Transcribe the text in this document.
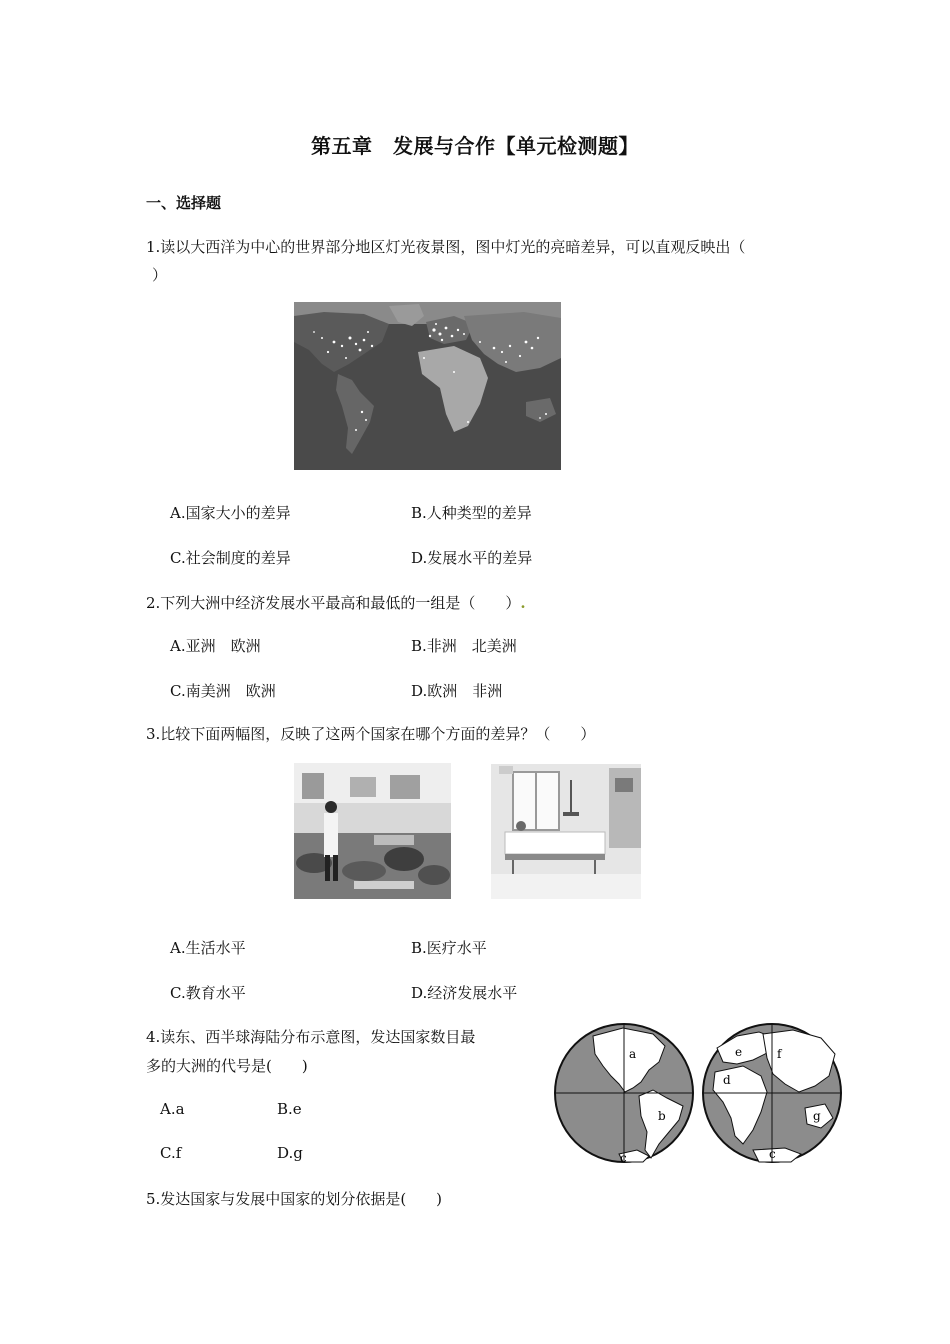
第五章　发展与合作【单元检测题】
一、选择题
1.读以大西洋为中心的世界部分地区灯光夜景图，图中灯光的亮暗差异，可以直观反映出（
）
A.国家大小的差异	B.人种类型的差异
C.社会制度的差异	D.发展水平的差异
2.下列大洲中经济发展水平最高和最低的一组是（　　）.
A.亚洲　欧洲	B.非洲　北美洲
C.南美洲　欧洲	D.欧洲　非洲
3.比较下面两幅图，反映了这两个国家在哪个方面的差异？（　　）
A.生活水平	B.医疗水平
C.教育水平	D.经济发展水平
4.读东、西半球海陆分布示意图，发达国家数目最
多的大洲的代号是(　　)
A.a	B.e
C.f	D.g
a
b
c
d
e	f
g
c
5.发达国家与发展中国家的划分依据是(　　)
